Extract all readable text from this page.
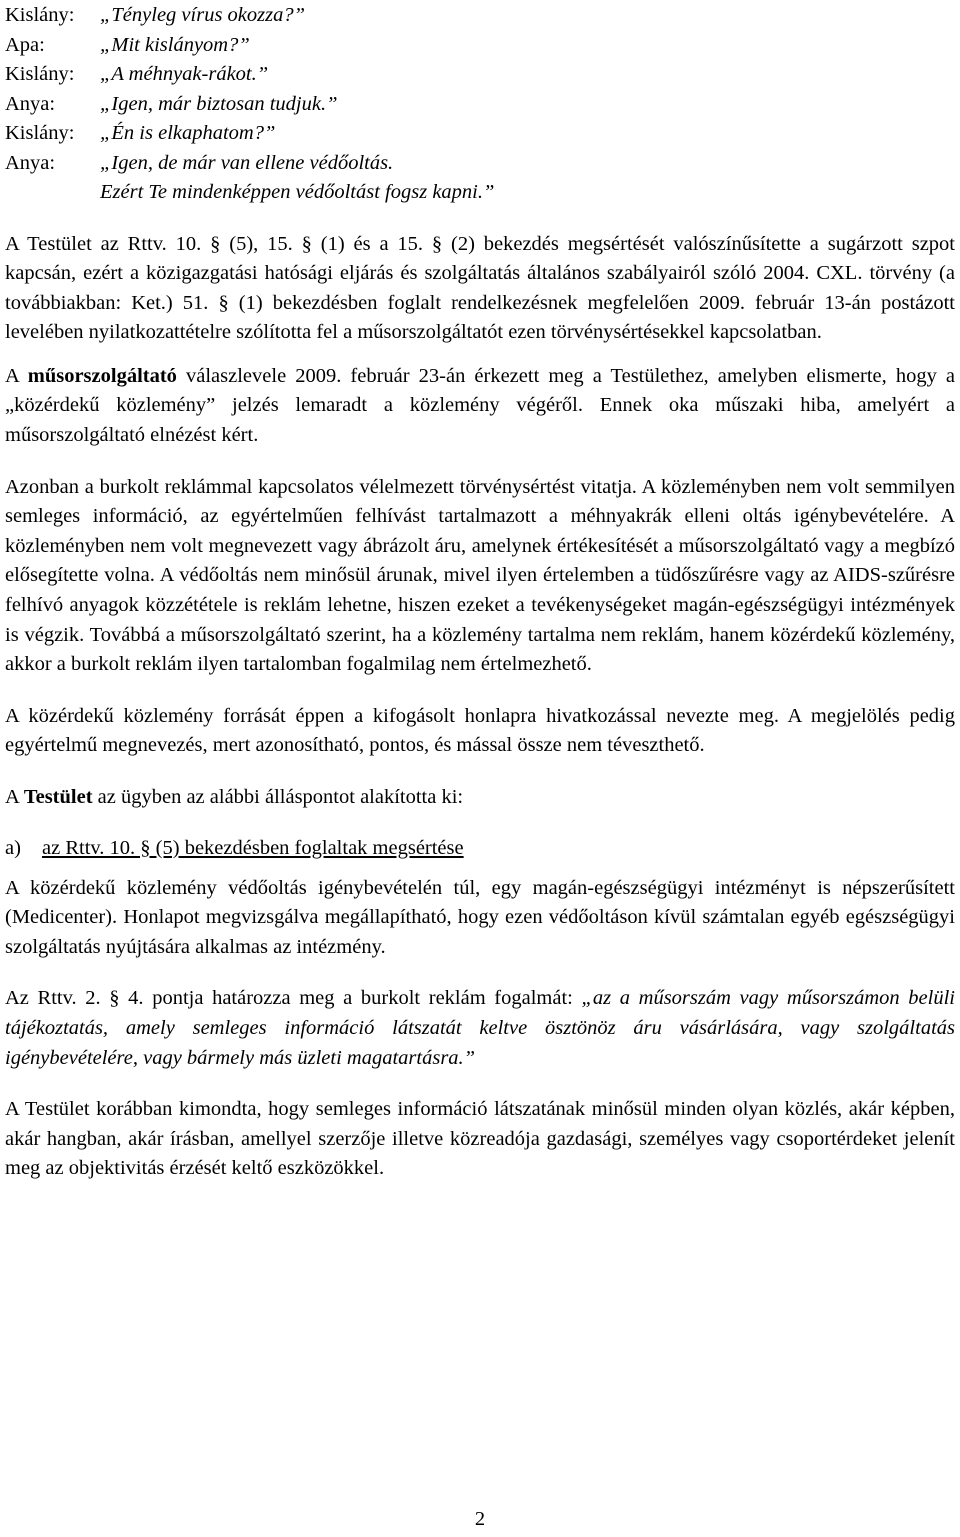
Kislány:	„Tényleg vírus okozza?”
Apa:	„Mit kislányom?”
Kislány:	„A méhnyak-rákot.”
Anya:	„Igen, már biztosan tudjuk.”
Kislány:	„Én is elkaphatom?”
Anya:	„Igen, de már van ellene védőoltás.
Ezért Te mindenképpen védőoltást fogsz kapni.”

A Testület az Rttv. 10. § (5), 15. § (1) és a 15. § (2) bekezdés megsértését valószínűsítette a sugárzott szpot kapcsán, ezért a közigazgatási hatósági eljárás és szolgáltatás általános szabályairól szóló 2004. CXL. törvény (a továbbiakban: Ket.) 51. § (1) bekezdésben foglalt rendelkezésnek megfelelően 2009. február 13-án postázott levelében nyilatkozattételre szólította fel a műsorszolgáltatót ezen törvénysértésekkel kapcsolatban.

A műsorszolgáltató válaszlevele 2009. február 23-án érkezett meg a Testülethez, amelyben elismerte, hogy a „közérdekű közlemény” jelzés lemaradt a közlemény végéről. Ennek oka műszaki hiba, amelyért a műsorszolgáltató elnézést kért.

Azonban a burkolt reklámmal kapcsolatos vélelmezett törvénysértést vitatja. A közleményben nem volt semmilyen semleges információ, az egyértelműen felhívást tartalmazott a méhnyakrák elleni oltás igénybevételére. A közleményben nem volt megnevezett vagy ábrázolt áru, amelynek értékesítését a műsorszolgáltató vagy a megbízó elősegítette volna. A védőoltás nem minősül árunak, mivel ilyen értelemben a tüdőszűrésre vagy az AIDS-szűrésre felhívó anyagok közzététele is reklám lehetne, hiszen ezeket a tevékenységeket magán-egészségügyi intézmények is végzik. Továbbá a műsorszolgáltató szerint, ha a közlemény tartalma nem reklám, hanem közérdekű közlemény, akkor a burkolt reklám ilyen tartalomban fogalmilag nem értelmezhető.

A közérdekű közlemény forrását éppen a kifogásolt honlapra hivatkozással nevezte meg. A megjelölés pedig egyértelmű megnevezés, mert azonosítható, pontos, és mással össze nem téveszthető.

A Testület az ügyben az alábbi álláspontot alakította ki:

a)	az Rttv. 10. § (5) bekezdésben foglaltak megsértése

A közérdekű közlemény védőoltás igénybevételén túl, egy magán-egészségügyi intézményt is népszerűsített (Medicenter). Honlapot megvizsgálva megállapítható, hogy ezen védőoltáson kívül számtalan egyéb egészségügyi szolgáltatás nyújtására alkalmas az intézmény.

Az Rttv. 2. § 4. pontja határozza meg a burkolt reklám fogalmát: „az a műsorszám vagy műsorszámon belüli tájékoztatás, amely semleges információ látszatát keltve ösztönöz áru vásárlására, vagy szolgáltatás igénybevételére, vagy bármely más üzleti magatartásra.”

A Testület korábban kimondta, hogy semleges információ látszatának minősül minden olyan közlés, akár képben, akár hangban, akár írásban, amellyel szerzője illetve közreadója gazdasági, személyes vagy csoportérdeket jelenít meg az objektivitás érzését keltő eszközökkel.

2
